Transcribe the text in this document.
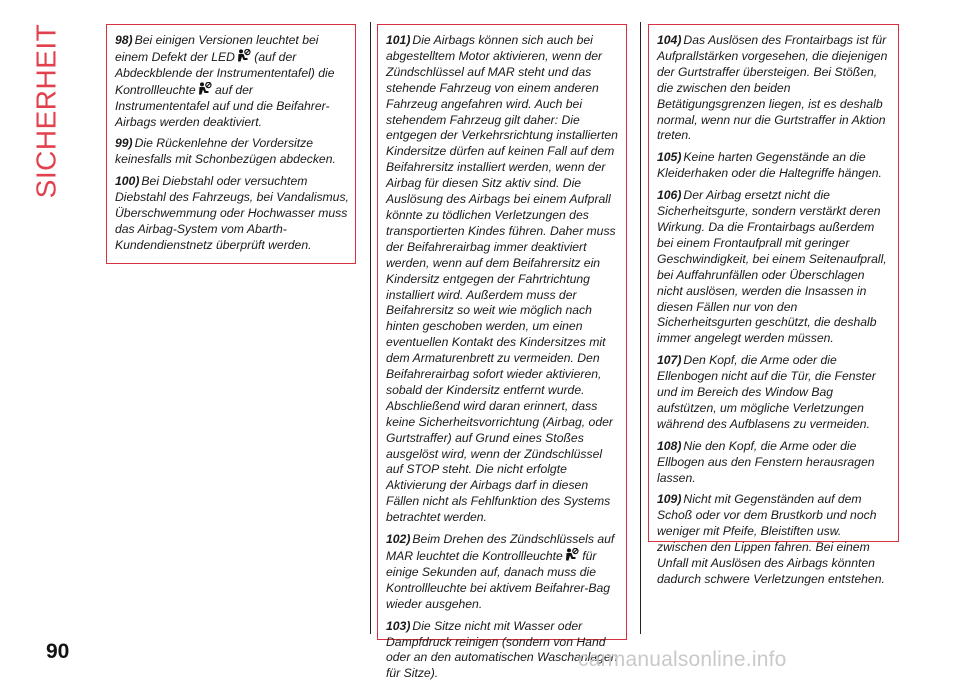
SICHERHEIT	98) Bei einigen Versionen leuchtet bei einem Defekt der LED (auf der Abdeckblende der Instrumententafel) die Kontrollleuchte auf der Instrumententafel auf und die Beifahrer-Airbags werden deaktiviert.

99) Die Rückenlehne der Vordersitze keinesfalls mit Schonbezügen abdecken.

100) Bei Diebstahl oder versuchtem Diebstahl des Fahrzeugs, bei Vandalismus, Überschwemmung oder Hochwasser muss das Airbag-System vom Abarth-Kundendienstnetz überprüft werden.

101) Die Airbags können sich auch bei abgestelltem Motor aktivieren, wenn der Zündschlüssel auf MAR steht und das stehende Fahrzeug von einem anderen Fahrzeug angefahren wird. Auch bei stehendem Fahrzeug gilt daher: Die entgegen der Verkehrsrichtung installierten Kindersitze dürfen auf keinen Fall auf dem Beifahrersitz installiert werden, wenn der Airbag für diesen Sitz aktiv sind. Die Auslösung des Airbags bei einem Aufprall könnte zu tödlichen Verletzungen des transportierten Kindes führen. Daher muss der Beifahrerairbag immer deaktiviert werden, wenn auf dem Beifahrersitz ein Kindersitz entgegen der Fahrtrichtung installiert wird. Außerdem muss der Beifahrersitz so weit wie möglich nach hinten geschoben werden, um einen eventuellen Kontakt des Kindersitzes mit dem Armaturenbrett zu vermeiden. Den Beifahrerairbag sofort wieder aktivieren, sobald der Kindersitz entfernt wurde. Abschließend wird daran erinnert, dass keine Sicherheitsvorrichtung (Airbag, oder Gurtstraffer) auf Grund eines Stoßes ausgelöst wird, wenn der Zündschlüssel auf STOP steht. Die nicht erfolgte Aktivierung der Airbags darf in diesen Fällen nicht als Fehlfunktion des Systems betrachtet werden.

102) Beim Drehen des Zündschlüssels auf MAR leuchtet die Kontrollleuchte für einige Sekunden auf, danach muss die Kontrollleuchte bei aktivem Beifahrer-Bag wieder ausgehen.

103) Die Sitze nicht mit Wasser oder Dampfdruck reinigen (sondern von Hand oder an den automatischen Waschanlagen für Sitze).

104) Das Auslösen des Frontairbags ist für Aufprallstärken vorgesehen, die diejenigen der Gurtstraffer übersteigen. Bei Stößen, die zwischen den beiden Betätigungsgrenzen liegen, ist es deshalb normal, wenn nur die Gurtstraffer in Aktion treten.

105) Keine harten Gegenstände an die Kleiderhaken oder die Haltegriffe hängen.

106) Der Airbag ersetzt nicht die Sicherheitsgurte, sondern verstärkt deren Wirkung. Da die Frontairbags außerdem bei einem Frontaufprall mit geringer Geschwindigkeit, bei einem Seitenaufprall, bei Auffahrunfällen oder Überschlagen nicht auslösen, werden die Insassen in diesen Fällen nur von den Sicherheitsgurten geschützt, die deshalb immer angelegt werden müssen.

107) Den Kopf, die Arme oder die Ellenbogen nicht auf die Tür, die Fenster und im Bereich des Window Bag aufstützen, um mögliche Verletzungen während des Aufblasens zu vermeiden.

108) Nie den Kopf, die Arme oder die Ellbogen aus den Fenstern herausragen lassen.

109) Nicht mit Gegenständen auf dem Schoß oder vor dem Brustkorb und noch weniger mit Pfeife, Bleistiften usw. zwischen den Lippen fahren. Bei einem Unfall mit Auslösen des Airbags könnten dadurch schwere Verletzungen entstehen.

90	carmanualsonline.info
